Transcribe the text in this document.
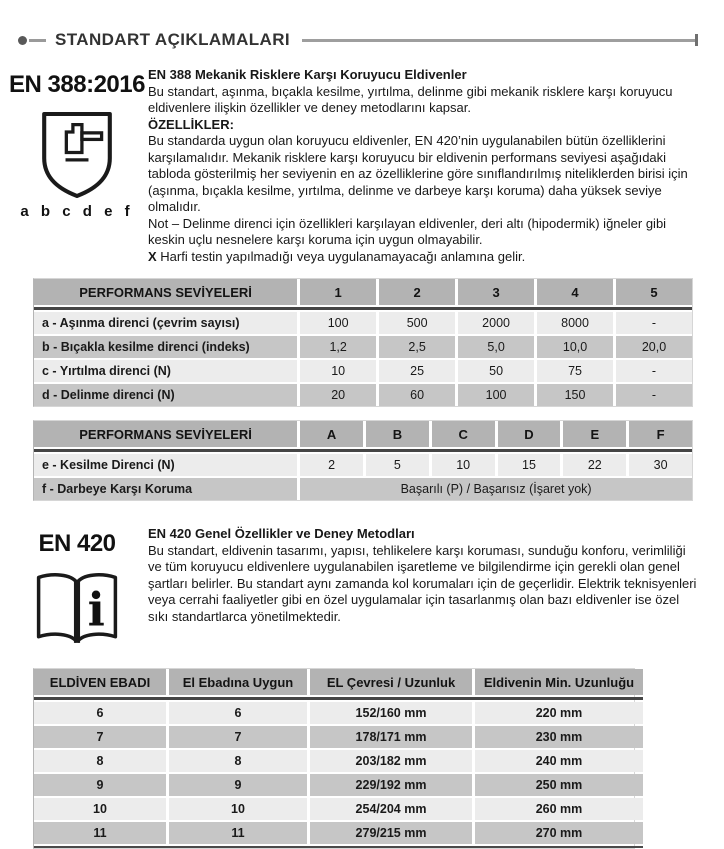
STANDART AÇIKLAMALARI
EN 388:2016
a b c d e f

EN 388 Mekanik Risklere Karşı Koruyucu Eldivenler

Bu standart, aşınma, bıçakla kesilme, yırtılma, delinme gibi mekanik risklere karşı koruyucu eldivenlere ilişkin özellikler ve deney metodlarını kapsar.

ÖZELLİKLER:

Bu standarda uygun olan koruyucu eldivenler, EN 420’nin uygulanabilen bütün özelliklerini karşılamalıdır. Mekanik risklere karşı koruyucu bir eldivenin performans seviyesi aşağıdaki tabloda gösterilmiş her seviyenin en az özelliklerine göre sınıflandırılmış niteliklerden birisi için (aşınma, bıçakla kesilme, yırtılma, delinme ve darbeye karşı koruma) daha yüksek seviye olmalıdır.

Not – Delinme direnci için özellikleri karşılayan eldivenler, deri altı (hipodermik) iğneler gibi keskin uçlu nesnelere karşı koruma için uygun olmayabilir.

X Harfi testin yapılmadığı veya uygulanamayacağı anlamına gelir.

PERFORMANS SEVİYELERİ	1	2	3	4	5
a - Aşınma direnci (çevrim sayısı)	100	500	2000	8000	-
b - Bıçakla kesilme direnci (indeks)	1,2	2,5	5,0	10,0	20,0
c - Yırtılma direnci (N)	10	25	50	75	-
d - Delinme direnci (N)	20	60	100	150	-
PERFORMANS SEVİYELERİ	A	B	C	D	E	F
e - Kesilme Direnci (N)	2	5	10	15	22	30
f - Darbeye Karşı Koruma	Başarılı (P) / Başarısız (İşaret yok)
EN 420
i

EN 420 Genel Özellikler ve Deney Metodları

Bu standart, eldivenin tasarımı, yapısı, tehlikelere karşı koruması, sunduğu konforu, verimliliği ve tüm koruyucu eldivenlere uygulanabilen işaretleme ve bilgilendirme için gerekli olan genel şartları belirler. Bu standart aynı zamanda kol korumaları için de geçerlidir. Elektrik teknisyenleri veya cerrahi faaliyetler gibi en özel uygulamalar için tasarlanmış olan bazı eldivenler ise özel sıkı standartlarca yönetilmektedir.

ELDİVEN EBADI	El Ebadına Uygun	EL Çevresi / Uzunluk	Eldivenin Min. Uzunluğu
6	6	152/160 mm	220 mm
7	7	178/171 mm	230 mm
8	8	203/182 mm	240 mm
9	9	229/192 mm	250 mm
10	10	254/204 mm	260 mm
11	11	279/215 mm	270 mm
